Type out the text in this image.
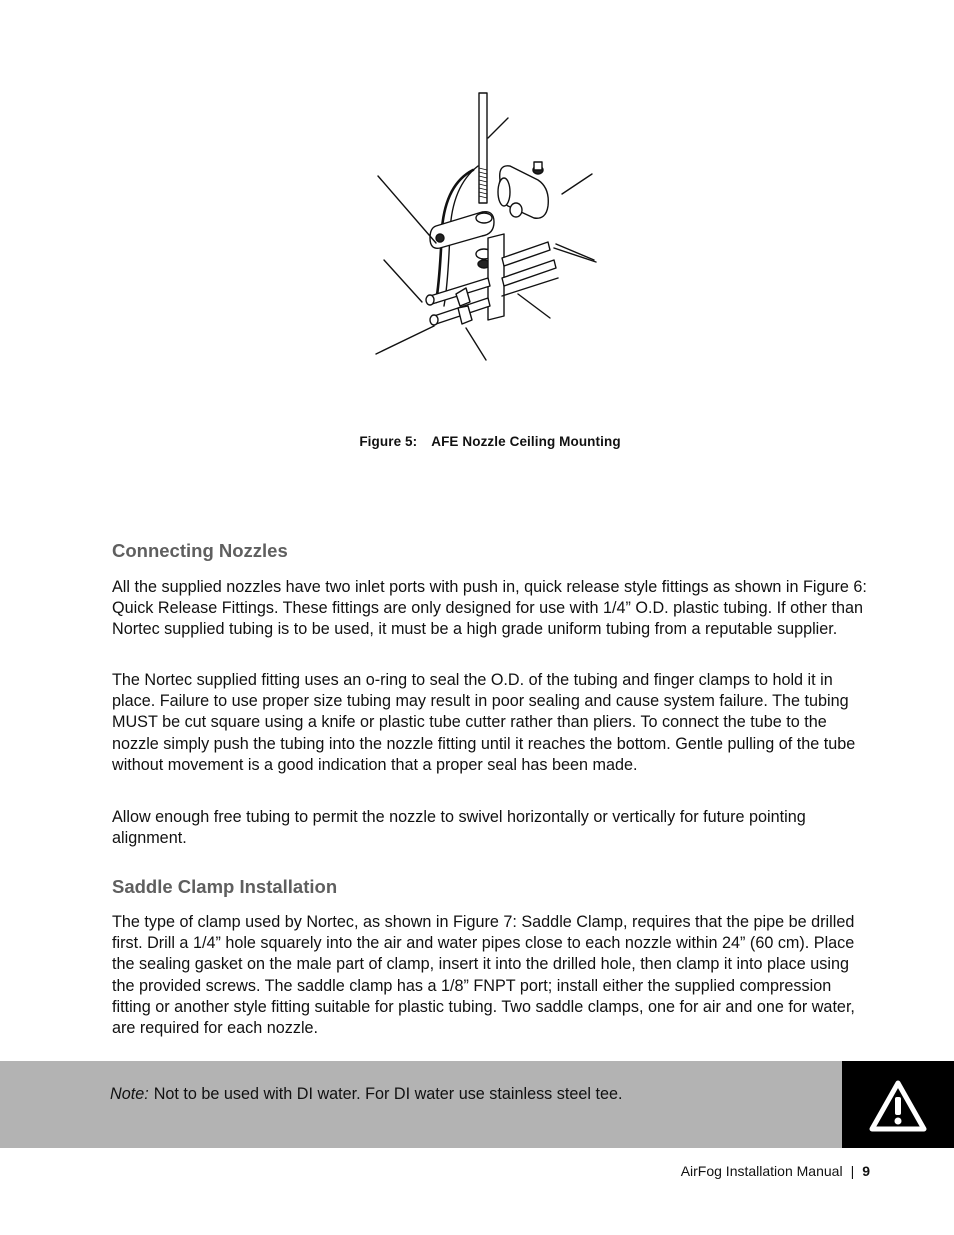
Figure 5: AFE Nozzle Ceiling Mounting
Connecting Nozzles

All the supplied nozzles have two inlet ports with push in, quick release style fittings as shown in Figure 6: Quick Release Fittings. These fittings are only designed for use with 1/4” O.D. plastic tubing. If other than Nortec supplied tubing is to be used, it must be a high grade uniform tubing from a reputable supplier.

The Nortec supplied fitting uses an o-ring to seal the O.D. of the tubing and finger clamps to hold it in place. Failure to use proper size tubing may result in poor sealing and cause system failure. The tubing MUST be cut square using a knife or plastic tube cutter rather than pliers. To connect the tube to the nozzle simply push the tubing into the nozzle fitting until it reaches the bottom. Gentle pulling of the tube without movement is a good indication that a proper seal has been made.

Allow enough free tubing to permit the nozzle to swivel horizontally or vertically for future pointing alignment.

Saddle Clamp Installation

The type of clamp used by Nortec, as shown in Figure 7: Saddle Clamp, requires that the pipe be drilled first. Drill a 1/4” hole squarely into the air and water pipes close to each nozzle within 24” (60 cm). Place the sealing gasket on the male part of clamp, insert it into the drilled hole, then clamp it into place using the provided screws. The saddle clamp has a 1/8” FNPT port; install either the supplied compression fitting or another style fitting suitable for plastic tubing. Two saddle clamps, one for air and one for water, are required for each nozzle.

Note: Not to be used with DI water. For DI water use stainless steel tee.
AirFog Installation Manual | 9
